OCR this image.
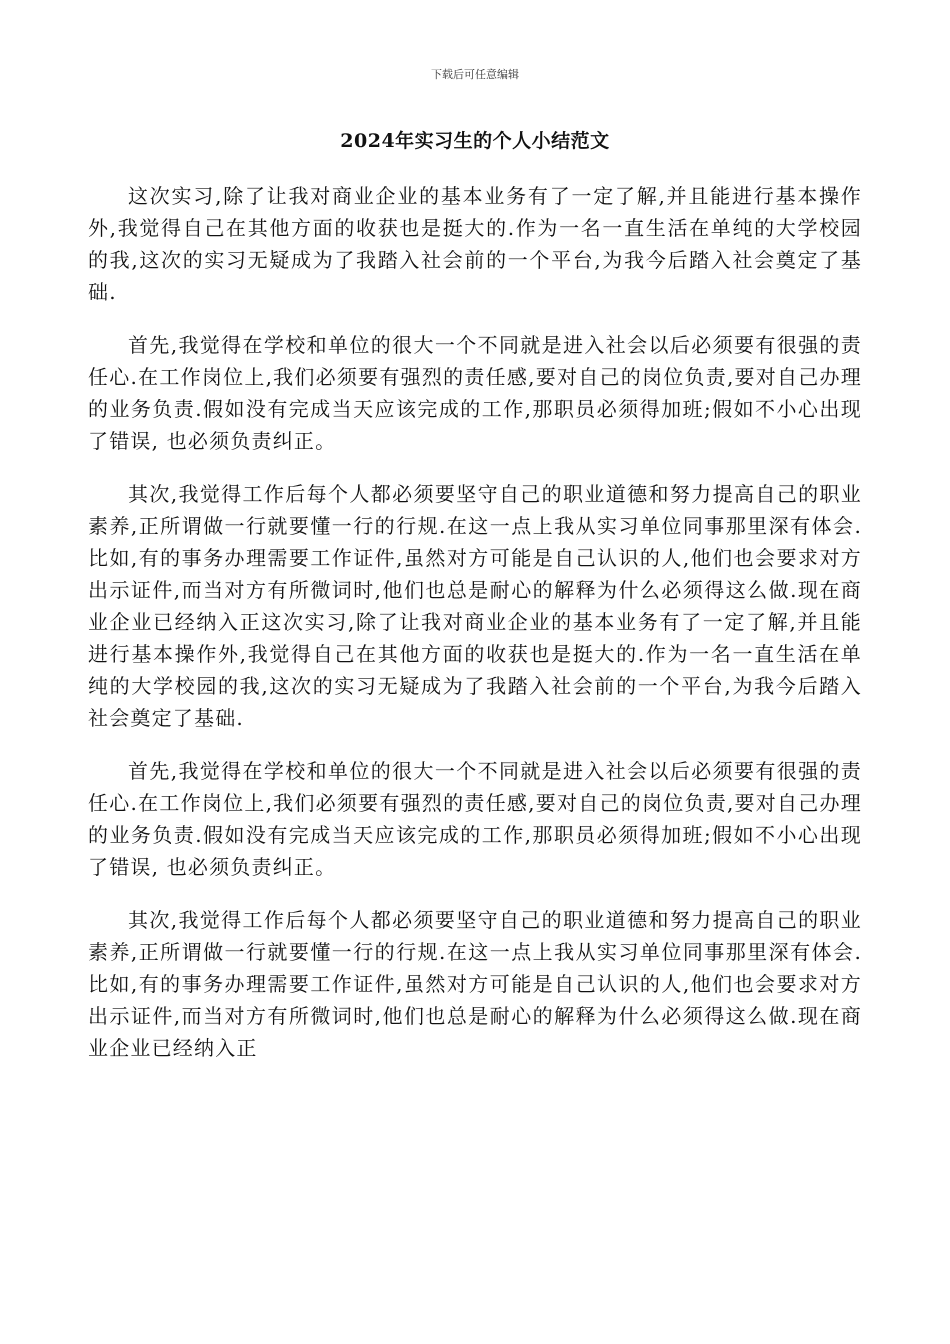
下载后可任意编辑
2024年实习生的个人小结范文

这次实习,除了让我对商业企业的基本业务有了一定了解,并且能进行基本操作外,我觉得自己在其他方面的收获也是挺大的.作为一名一直生活在单纯的大学校园的我,这次的实习无疑成为了我踏入社会前的一个平台,为我今后踏入社会奠定了基础.

首先,我觉得在学校和单位的很大一个不同就是进入社会以后必须要有很强的责任心.在工作岗位上,我们必须要有强烈的责任感,要对自己的岗位负责,要对自己办理的业务负责.假如没有完成当天应该完成的工作,那职员必须得加班;假如不小心出现了错误, 也必须负责纠正。

其次,我觉得工作后每个人都必须要坚守自己的职业道德和努力提高自己的职业素养,正所谓做一行就要懂一行的行规.在这一点上我从实习单位同事那里深有体会.比如,有的事务办理需要工作证件,虽然对方可能是自己认识的人,他们也会要求对方出示证件,而当对方有所微词时,他们也总是耐心的解释为什么必须得这么做.现在商业企业已经纳入正这次实习,除了让我对商业企业的基本业务有了一定了解,并且能进行基本操作外,我觉得自己在其他方面的收获也是挺大的.作为一名一直生活在单纯的大学校园的我,这次的实习无疑成为了我踏入社会前的一个平台,为我今后踏入社会奠定了基础.

首先,我觉得在学校和单位的很大一个不同就是进入社会以后必须要有很强的责任心.在工作岗位上,我们必须要有强烈的责任感,要对自己的岗位负责,要对自己办理的业务负责.假如没有完成当天应该完成的工作,那职员必须得加班;假如不小心出现了错误, 也必须负责纠正。

其次,我觉得工作后每个人都必须要坚守自己的职业道德和努力提高自己的职业素养,正所谓做一行就要懂一行的行规.在这一点上我从实习单位同事那里深有体会.比如,有的事务办理需要工作证件,虽然对方可能是自己认识的人,他们也会要求对方出示证件,而当对方有所微词时,他们也总是耐心的解释为什么必须得这么做.现在商业企业已经纳入正
